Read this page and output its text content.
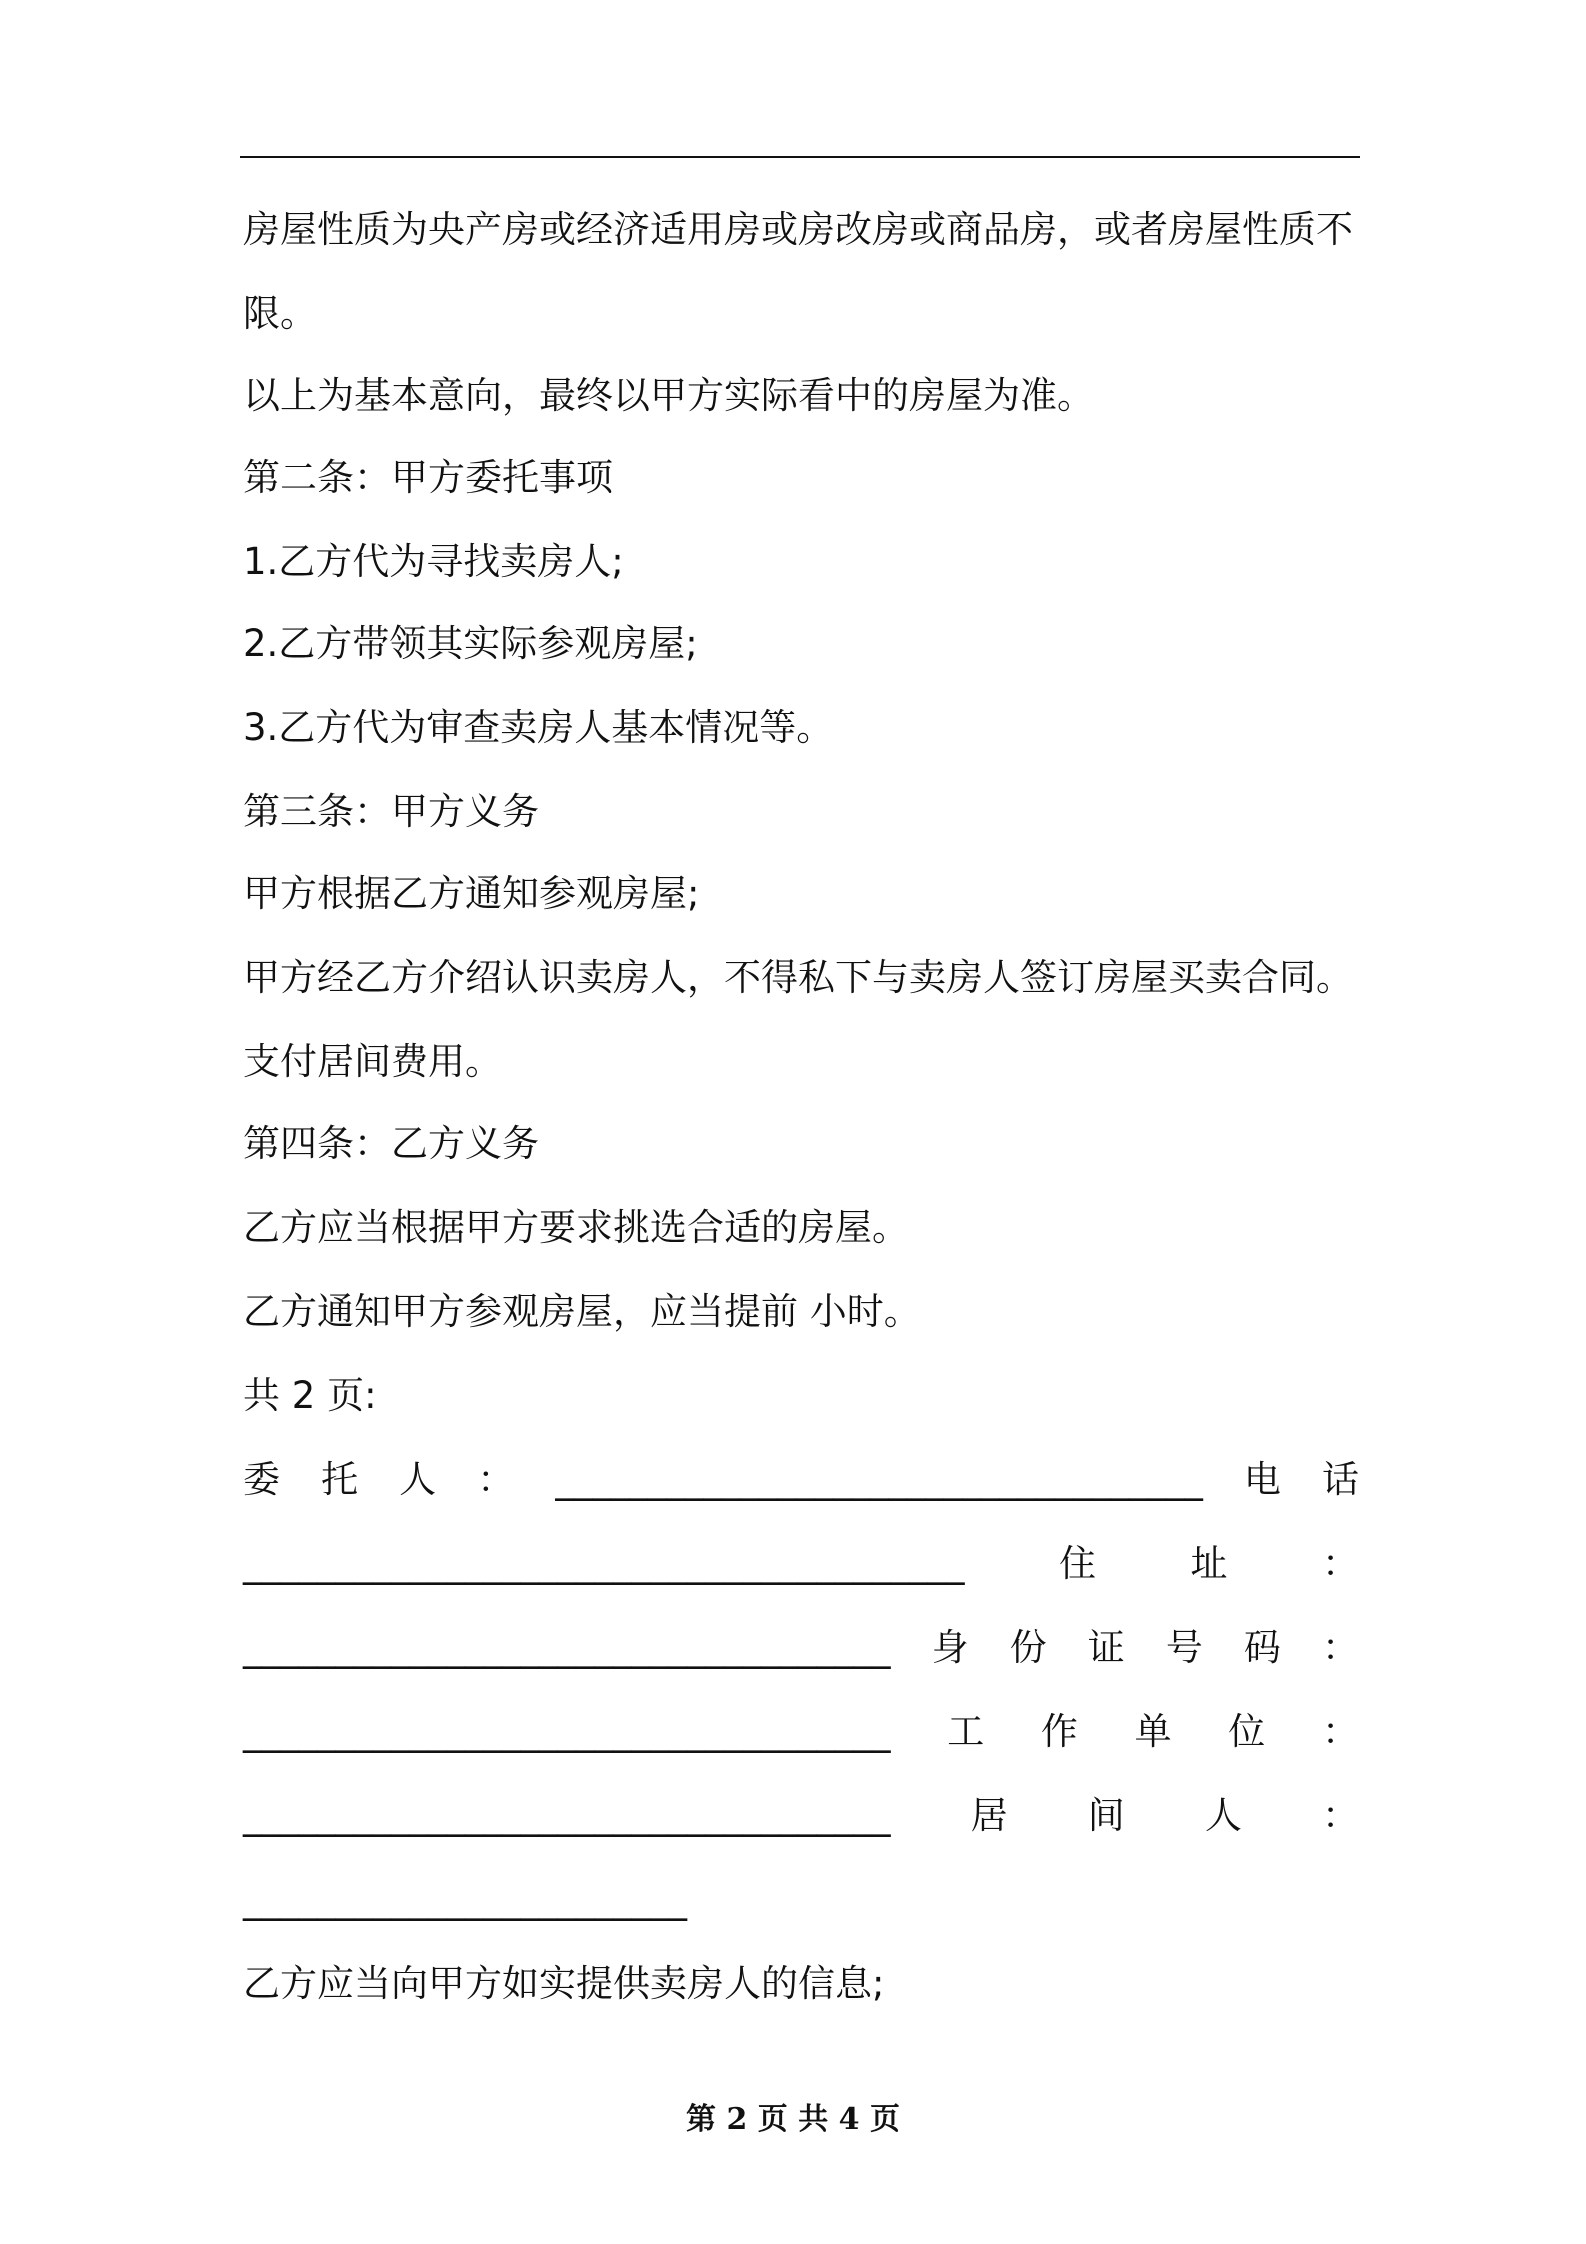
房屋性质为央产房或经济适用房或房改房或商品房，或者房屋性质不
限。
以上为基本意向，最终以甲方实际看中的房屋为准。
第二条：甲方委托事项
1.乙方代为寻找卖房人;
2.乙方带领其实际参观房屋;
3.乙方代为审查卖房人基本情况等。
第三条：甲方义务
甲方根据乙方通知参观房屋;
甲方经乙方介绍认识卖房人，不得私下与卖房人签订房屋买卖合同。
支付居间费用。
第四条：乙方义务
乙方应当根据甲方要求挑选合适的房屋。
乙方通知甲方参观房屋，应当提前 小时。
共 2 页:
委 托 人 ： ___________________________________ 电 话
_______________________________________	住	址	：
___________________________________ 身 份 证 号 码 ：
___________________________________ 工 作 单 位 ：
___________________________________ 居 间 人 ：
________________________
乙方应当向甲方如实提供卖房人的信息;
第 2 页 共 4 页
